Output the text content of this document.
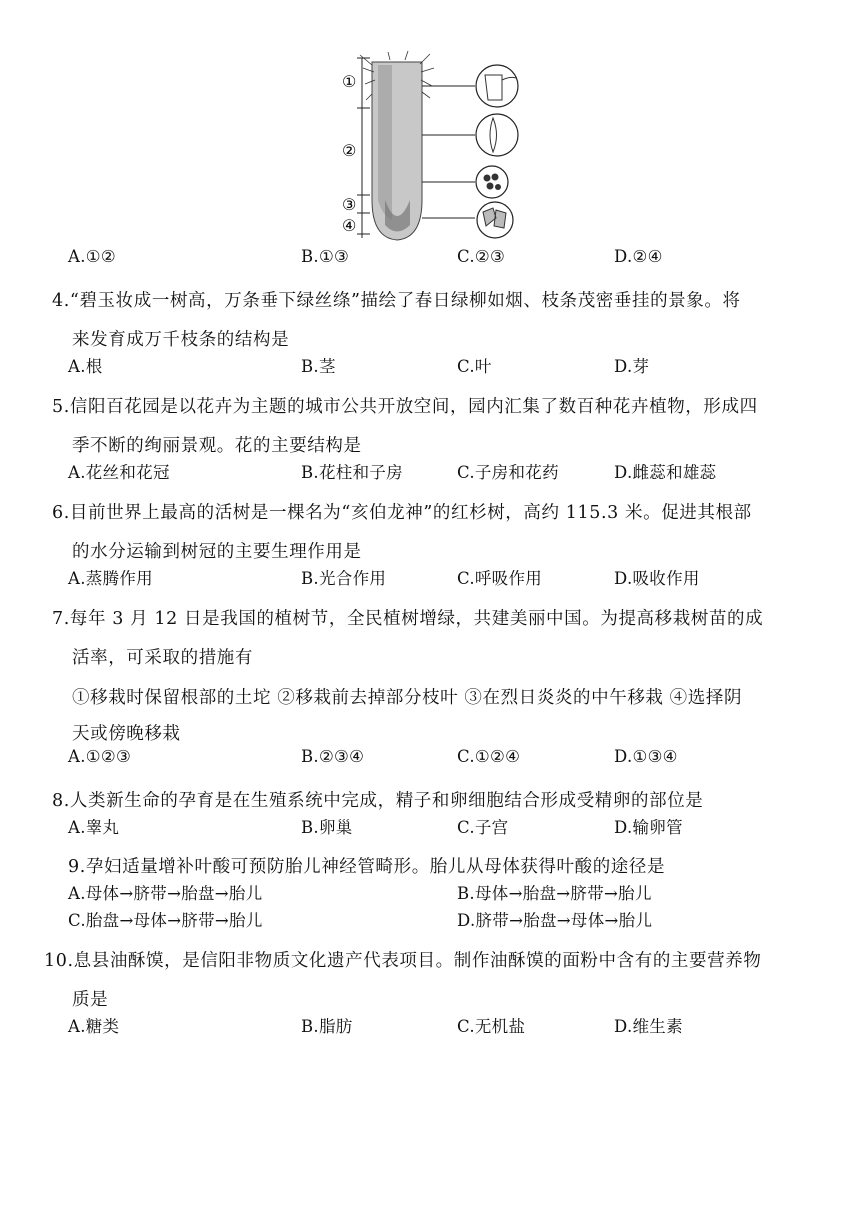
①
②
③
④
A.①②	B.①③	C.②③	D.②④
4.“碧玉妆成一树高，万条垂下绿丝绦”描绘了春日绿柳如烟、枝条茂密垂挂的景象。将
来发育成万千枝条的结构是
A.根	B.茎	C.叶	D.芽
5.信阳百花园是以花卉为主题的城市公共开放空间，园内汇集了数百种花卉植物，形成四
季不断的绚丽景观。花的主要结构是
A.花丝和花冠	B.花柱和子房	C.子房和花药	D.雌蕊和雄蕊
6.目前世界上最高的活树是一棵名为“亥伯龙神”的红杉树，高约 115.3 米。促进其根部
的水分运输到树冠的主要生理作用是
A.蒸腾作用	B.光合作用	C.呼吸作用	D.吸收作用
7.每年 3 月 12 日是我国的植树节，全民植树增绿，共建美丽中国。为提高移栽树苗的成
活率，可采取的措施有
①移栽时保留根部的土坨 ②移栽前去掉部分枝叶 ③在烈日炎炎的中午移栽 ④选择阴
天或傍晚移栽
A.①②③	B.②③④	C.①②④	D.①③④
8.人类新生命的孕育是在生殖系统中完成，精子和卵细胞结合形成受精卵的部位是
A.睾丸	B.卵巢	C.子宫	D.输卵管
9.孕妇适量增补叶酸可预防胎儿神经管畸形。胎儿从母体获得叶酸的途径是
A.母体→脐带→胎盘→胎儿	B.母体→胎盘→脐带→胎儿
C.胎盘→母体→脐带→胎儿	D.脐带→胎盘→母体→胎儿
10.息县油酥馍，是信阳非物质文化遗产代表项目。制作油酥馍的面粉中含有的主要营养物
质是
A.糖类	B.脂肪	C.无机盐	D.维生素
